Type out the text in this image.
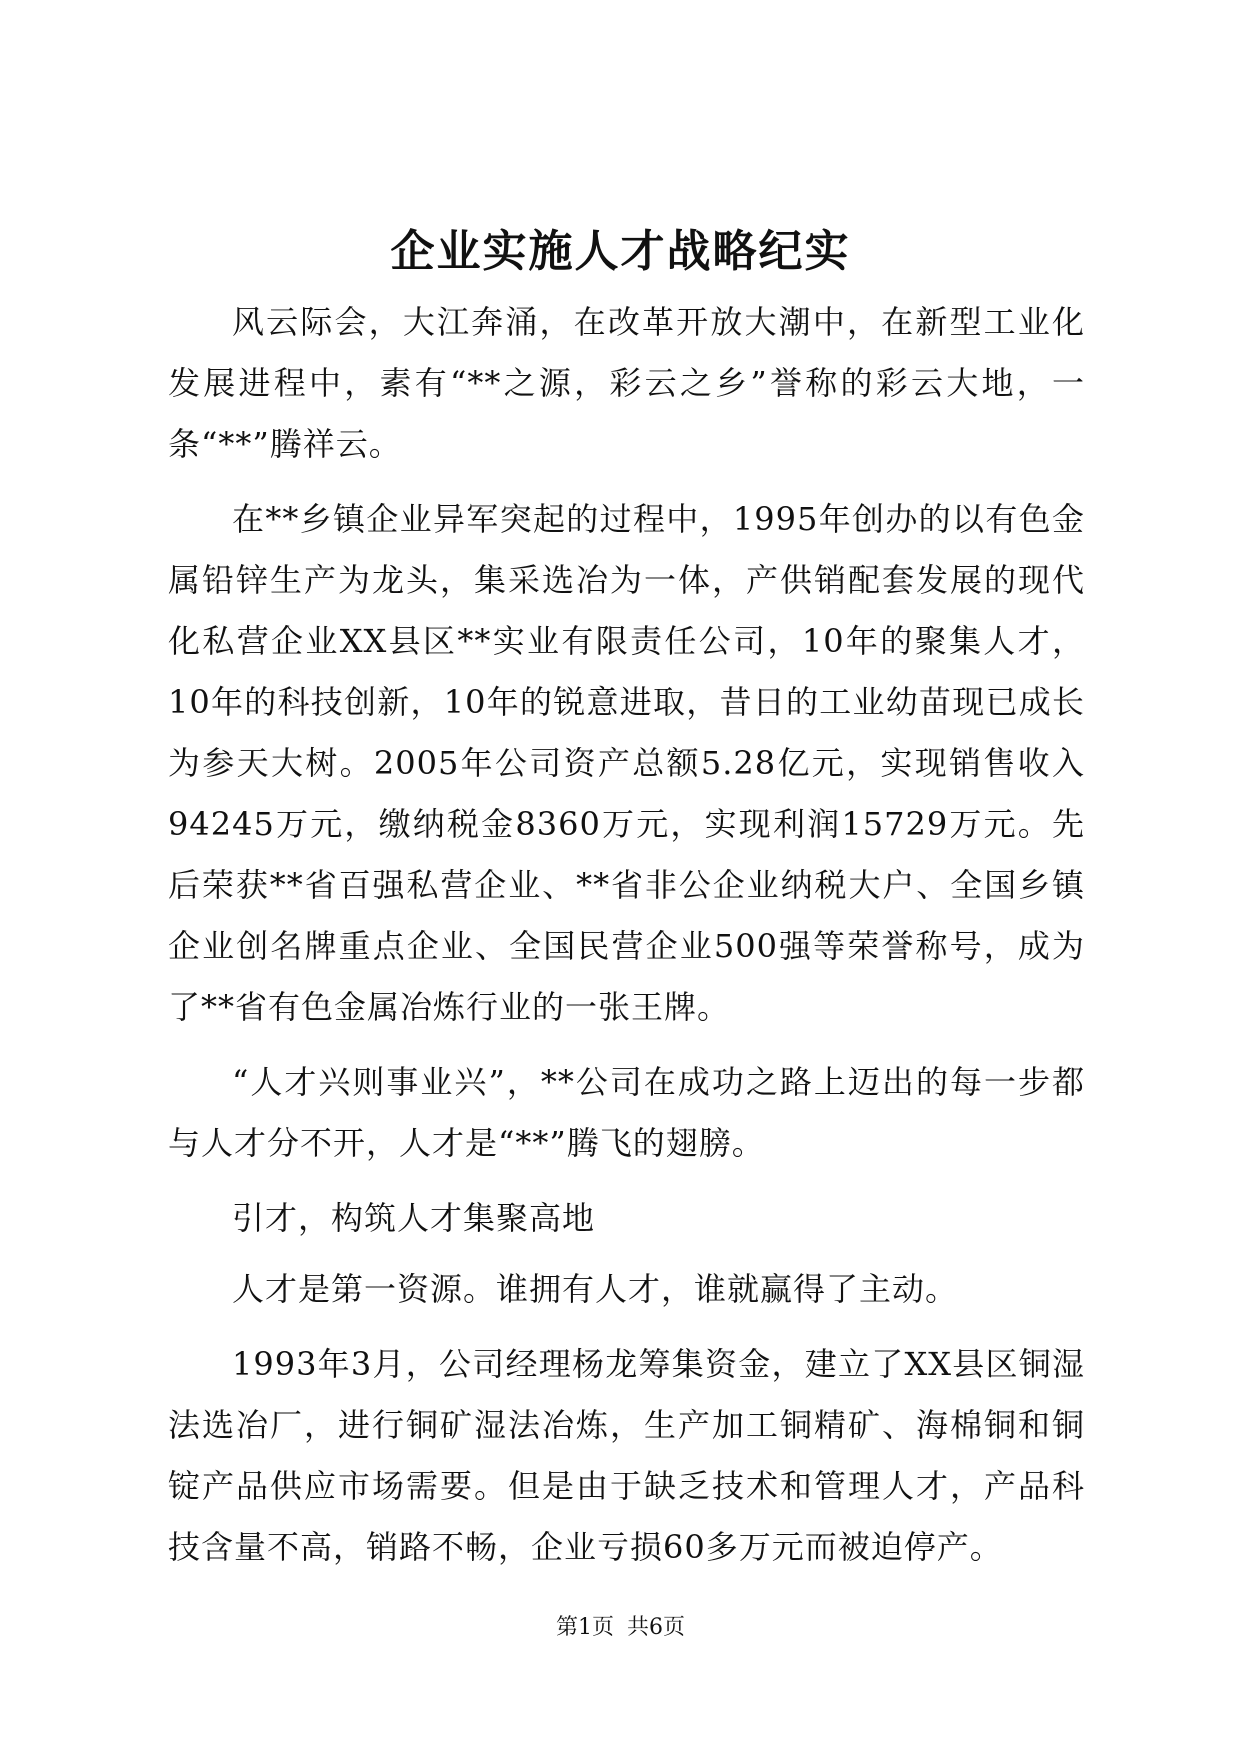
企业实施人才战略纪实

风云际会，大江奔涌，在改革开放大潮中，在新型工业化发展进程中，素有“**之源，彩云之乡”誉称的彩云大地，一条“**”腾祥云。

在**乡镇企业异军突起的过程中，1995年创办的以有色金属铅锌生产为龙头，集采选冶为一体，产供销配套发展的现代化私营企业XX县区**实业有限责任公司，10年的聚集人才，10年的科技创新，10年的锐意进取，昔日的工业幼苗现已成长为参天大树。2005年公司资产总额5.28亿元，实现销售收入94245万元，缴纳税金8360万元，实现利润15729万元。先后荣获**省百强私营企业、**省非公企业纳税大户、全国乡镇企业创名牌重点企业、全国民营企业500强等荣誉称号，成为了**省有色金属冶炼行业的一张王牌。

“人才兴则事业兴”，**公司在成功之路上迈出的每一步都与人才分不开，人才是“**”腾飞的翅膀。

引才，构筑人才集聚高地

人才是第一资源。谁拥有人才，谁就赢得了主动。

1993年3月，公司经理杨龙筹集资金，建立了XX县区铜湿法选冶厂，进行铜矿湿法冶炼，生产加工铜精矿、海棉铜和铜锭产品供应市场需要。但是由于缺乏技术和管理人才，产品科技含量不高，销路不畅，企业亏损60多万元而被迫停产。

第1页 共6页
